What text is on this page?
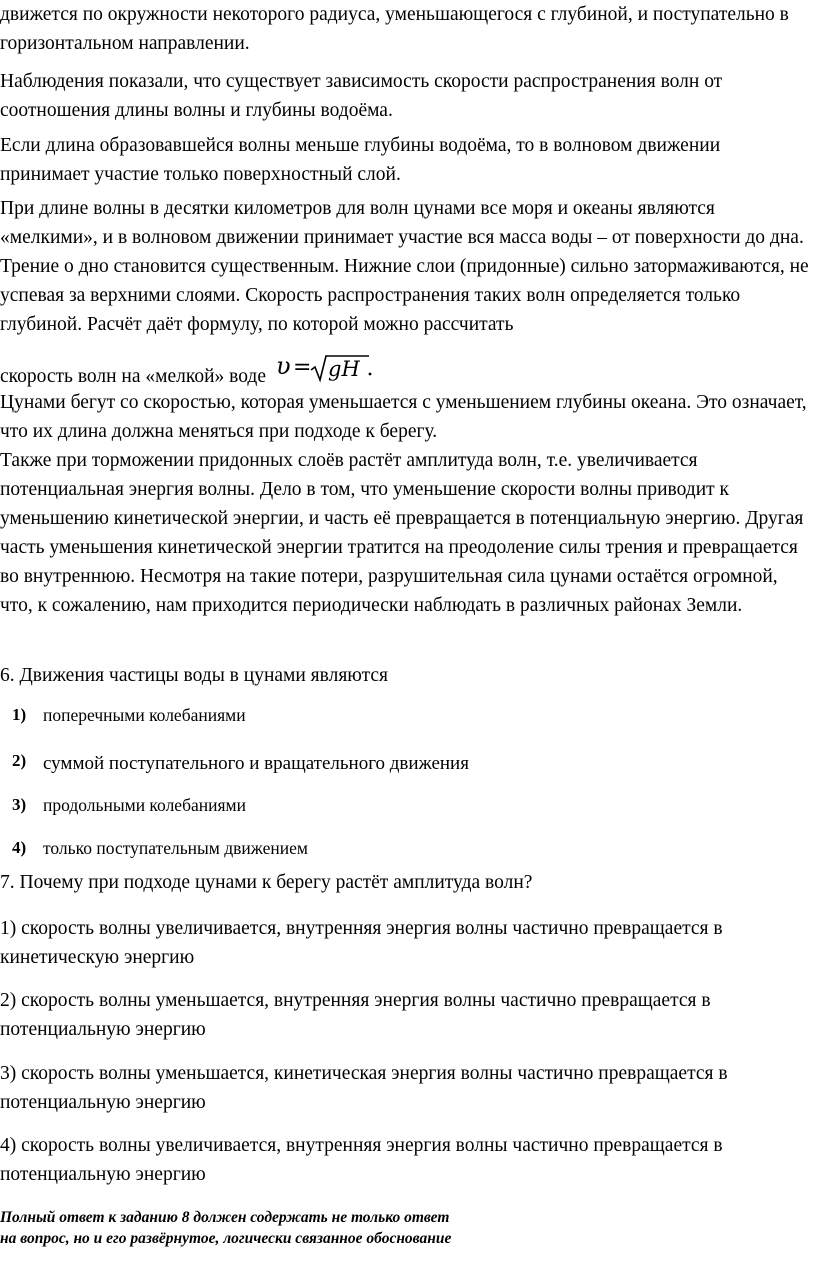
движется по окружности некоторого радиуса, уменьшающегося с глубиной, и поступательно в горизонтальном направлении.

Наблюдения показали, что существует зависимость скорости распространения волн от соотношения длины волны и глубины водоёма.

Если длина образовавшейся волны меньше глубины водоёма, то в волновом движении принимает участие только поверхностный слой.

При длине волны в десятки километров для волн цунами все моря и океаны являются «мелкими», и в волновом движении принимает участие вся масса воды – от поверхности до дна. Трение о дно становится существенным. Нижние слои (придонные) сильно затормаживаются, не успевая за верхними слоями. Скорость распространения таких волн определяется только глубиной. Расчёт даёт формулу, по которой можно рассчитать

скорость волн на «мелкой» воде υ = gH

Цунами бегут со скоростью, которая уменьшается с уменьшением глубины океана. Это означает, что их длина должна меняться при подходе к берегу.

Также при торможении придонных слоёв растёт амплитуда волн, т.е. увеличивается потенциальная энергия волны. Дело в том, что уменьшение скорости волны приводит к уменьшению кинетической энергии, и часть её превращается в потенциальную энергию. Другая часть уменьшения кинетической энергии тратится на преодоление силы трения и превращается во внутреннюю. Несмотря на такие потери, разрушительная сила цунами остаётся огромной, что, к сожалению, нам приходится периодически наблюдать в различных районах Земли.

6. Движения частицы воды в цунами являются

1) поперечными колебаниями
2) суммой поступательного и вращательного движения
3) продольными колебаниями
4) только поступательным движением

7. Почему при подходе цунами к берегу растёт амплитуда волн?

1) скорость волны увеличивается, внутренняя энергия волны частично превращается в кинетическую энергию

2) скорость волны уменьшается, внутренняя энергия волны частично превращается в потенциальную энергию

3) скорость волны уменьшается, кинетическая энергия волны частично превращается в потенциальную энергию

4) скорость волны увеличивается, внутренняя энергия волны частично превращается в потенциальную энергию

Полный ответ к заданию 8 должен содержать не только ответ
на вопрос, но и его развёрнутое, логически связанное обоснование
